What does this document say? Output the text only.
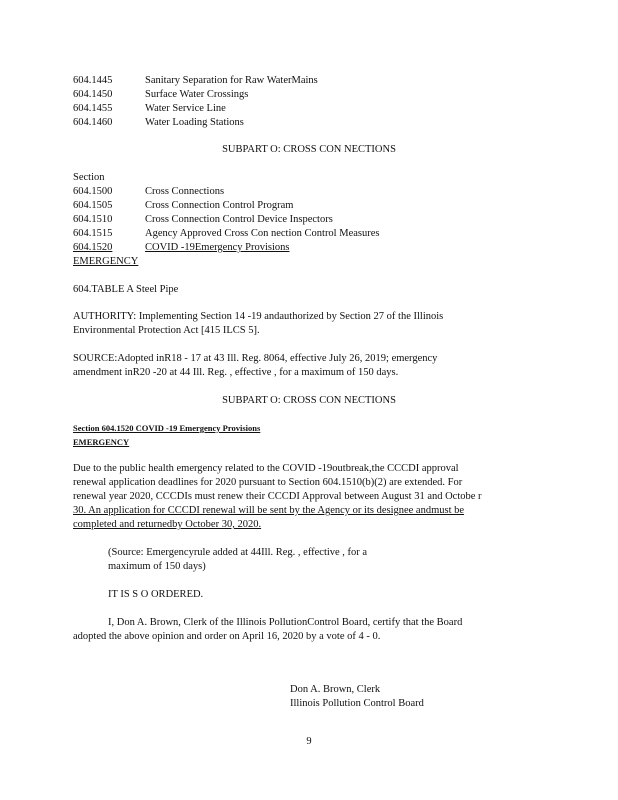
604.1445	Sanitary Separation for Raw WaterMains
604.1450	Surface Water Crossings
604.1455	Water Service Line
604.1460	Water Loading Stations
SUBPART O: CROSS CON NECTIONS
Section
604.1500	Cross Connections
604.1505	Cross Connection Control Program
604.1510	Cross Connection Control Device Inspectors
604.1515	Agency Approved Cross Con nection Control Measures
604.1520	COVID -19Emergency Provisions
EMERGENCY
604.TABLE A Steel Pipe
AUTHORITY: Implementing Section 14 -19 andauthorized by Section 27 of the Illinois
Environmental Protection Act [415 ILCS 5].
SOURCE:Adopted inR18 - 17 at 43 Ill. Reg. 8064, effective July 26, 2019; emergency
amendment inR20 -20 at 44 Ill. Reg. , effective , for a maximum of 150 days.
SUBPART O: CROSS CON NECTIONS
Section 604.1520 COVID -19 Emergency Provisions
EMERGENCY
Due to the public health emergency related to the COVID -19outbreak,the CCCDI approval
renewal application deadlines for 2020 pursuant to Section 604.1510(b)(2) are extended. For
renewal year 2020, CCCDIs must renew their CCCDI Approval between August 31 and Octobe r
30. An application for CCCDI renewal will be sent by the Agency or its designee andmust be
completed and returnedby October 30, 2020.
(Source: Emergencyrule added at 44Ill. Reg. , effective , for a
maximum of 150 days)
IT IS S O ORDERED.
I, Don A. Brown, Clerk of the Illinois PollutionControl Board, certify that the Board
adopted the above opinion and order on April 16, 2020 by a vote of 4 - 0.
Don A. Brown, Clerk
Illinois Pollution Control Board
9
